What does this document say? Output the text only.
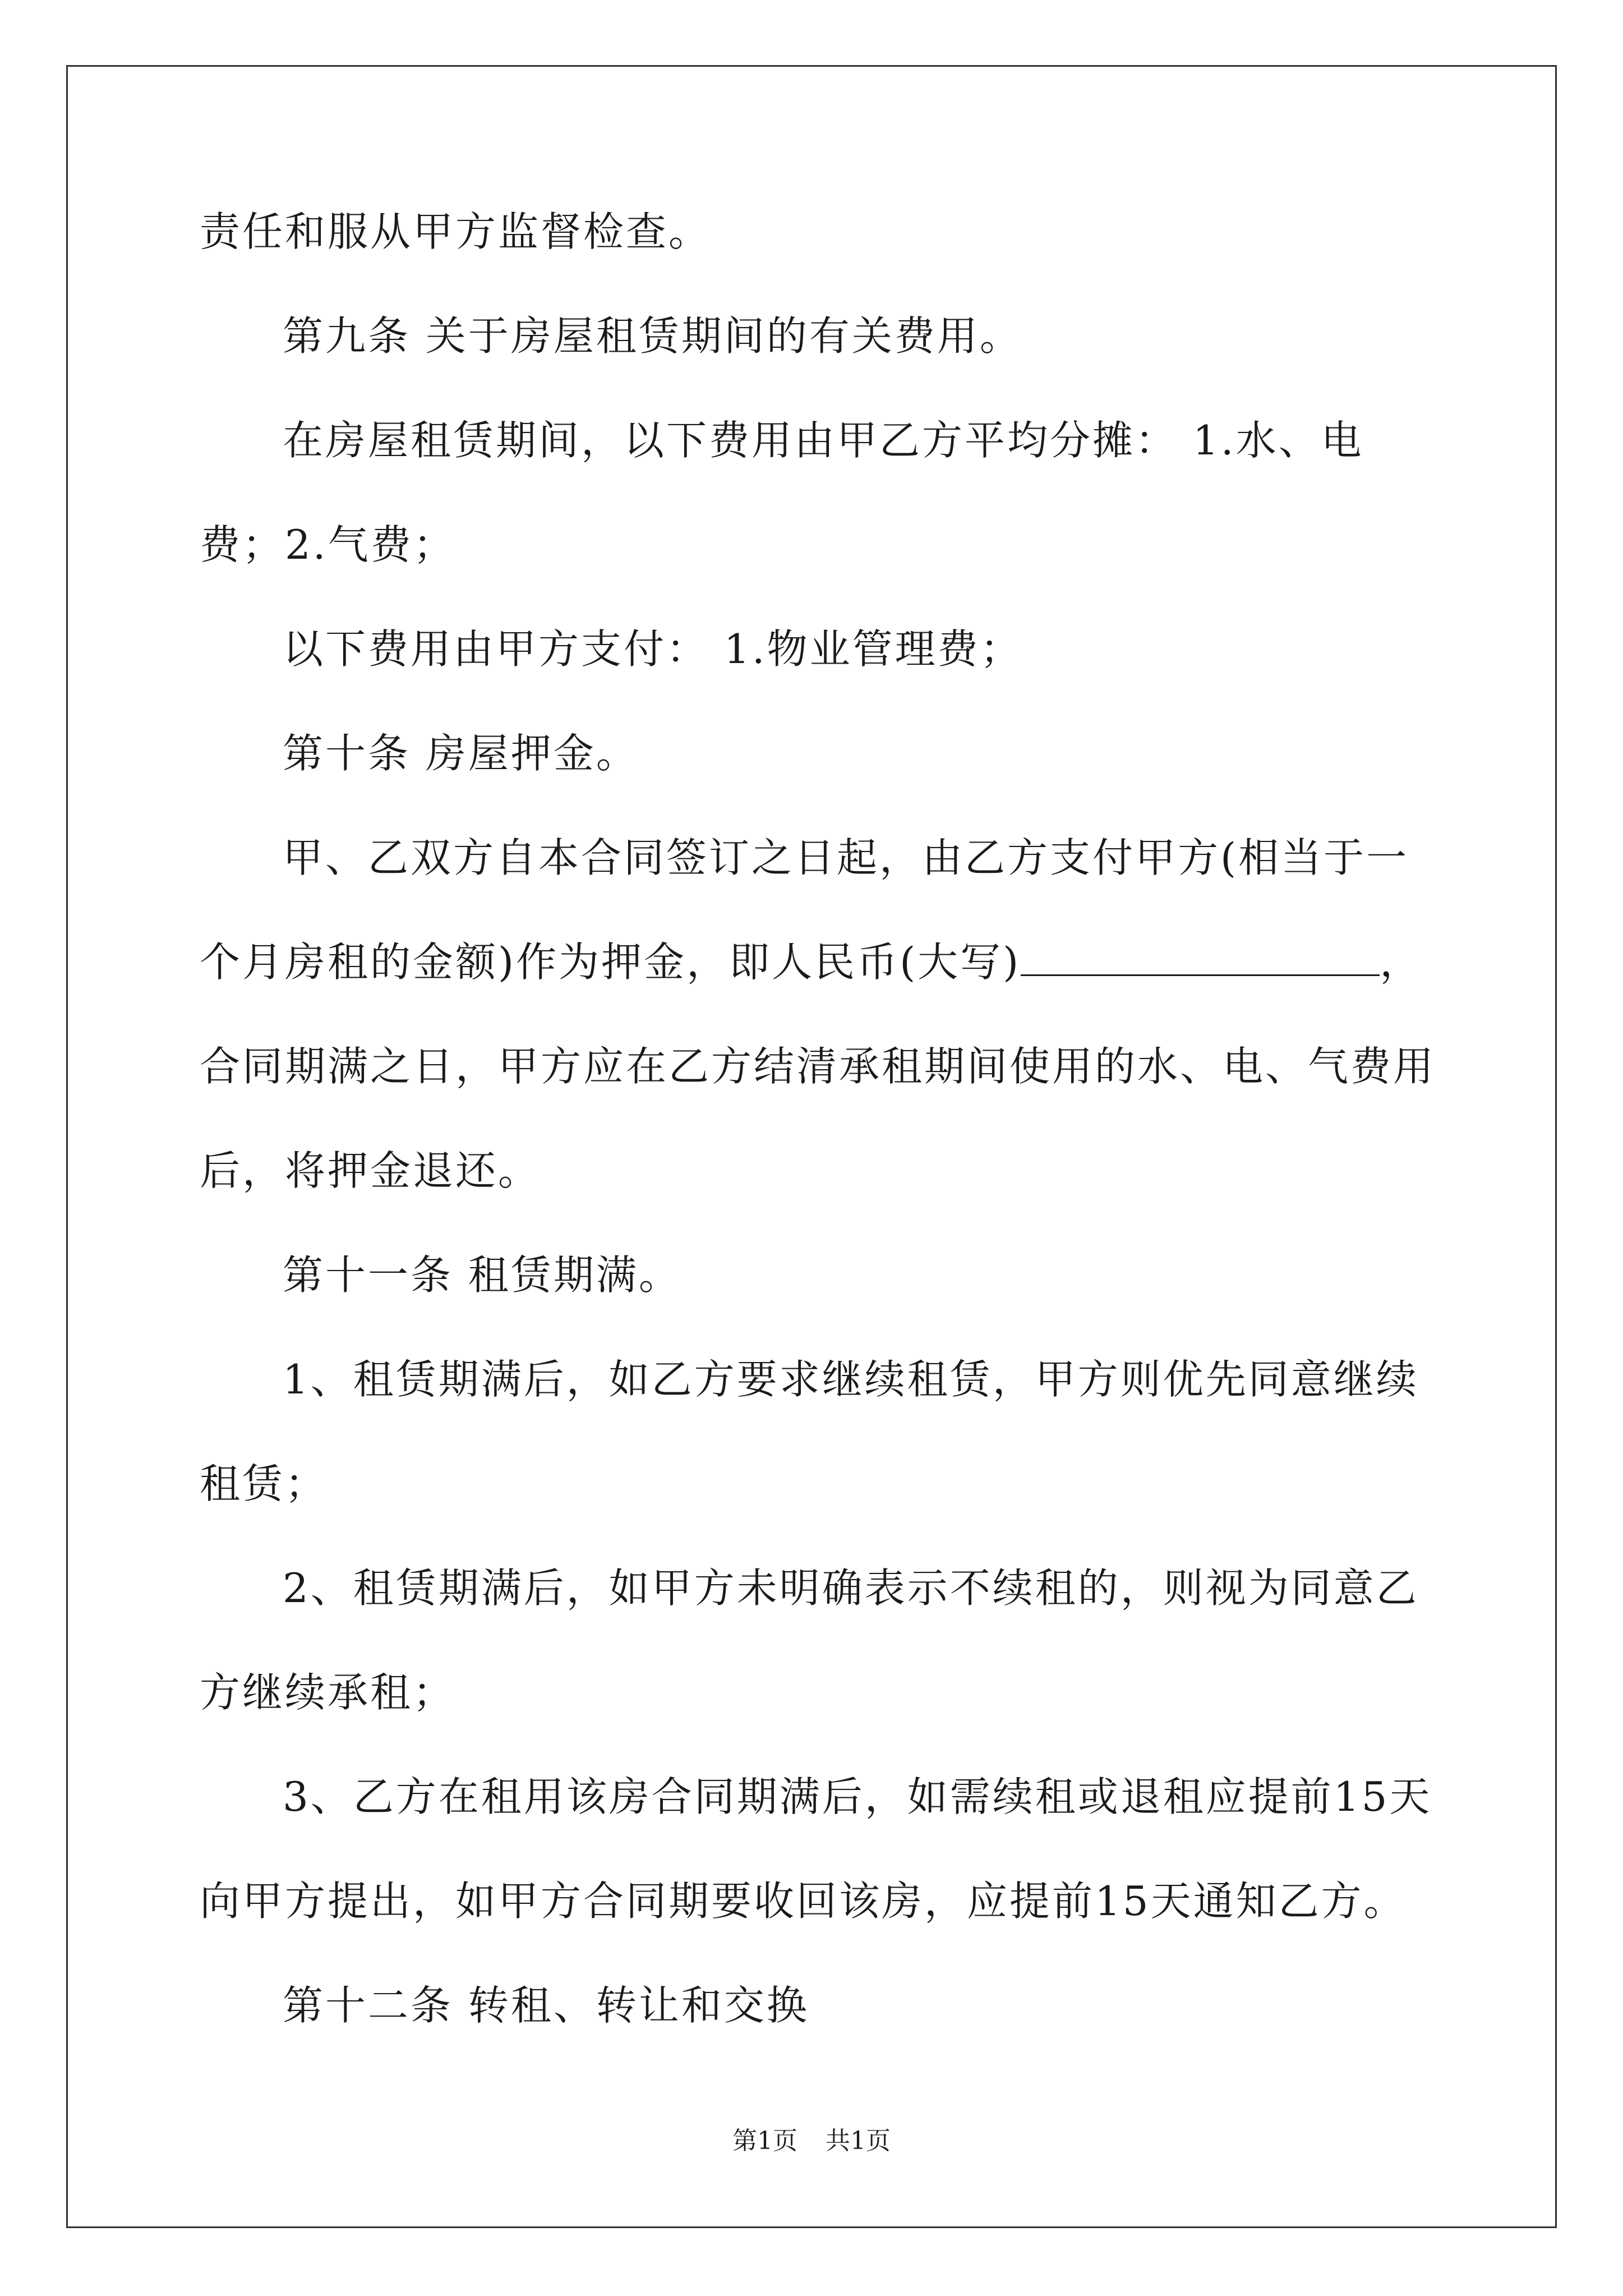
责任和服从甲方监督检查。

第九条 关于房屋租赁期间的有关费用。

在房屋租赁期间，以下费用由甲乙方平均分摊： 1.水、电费；2.气费；

以下费用由甲方支付： 1.物业管理费；

第十条 房屋押金。

甲、乙双方自本合同签订之日起，由乙方支付甲方(相当于一个月房租的金额)作为押金，即人民币(大写)	，合同期满之日，甲方应在乙方结清承租期间使用的水、电、气费用后，将押金退还。

第十一条 租赁期满。

1、租赁期满后，如乙方要求继续租赁，甲方则优先同意继续租赁；

2、租赁期满后，如甲方未明确表示不续租的，则视为同意乙方继续承租；

3、乙方在租用该房合同期满后，如需续租或退租应提前15天向甲方提出，如甲方合同期要收回该房，应提前15天通知乙方。

第十二条 转租、转让和交换

第1页 共1页
